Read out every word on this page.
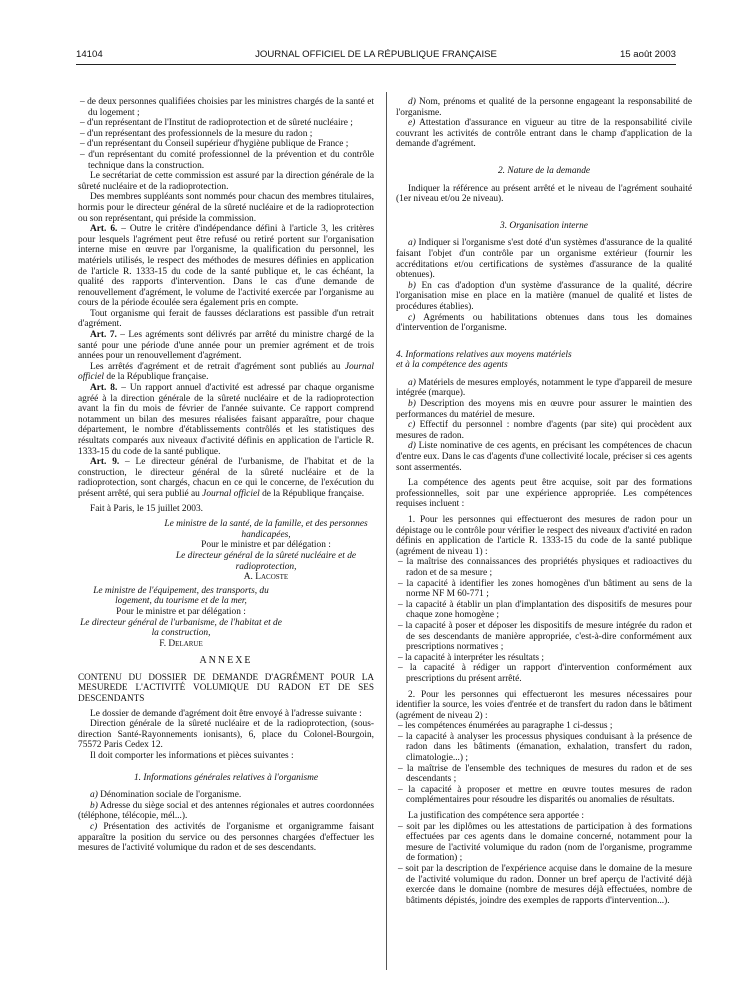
14104	JOURNAL OFFICIEL DE LA RÉPUBLIQUE FRANÇAISE	15 août 2003

– de deux personnes qualifiées choisies par les ministres chargés de la santé et du logement ;

– d'un représentant de l'Institut de radioprotection et de sûreté nucléaire ;

– d'un représentant des professionnels de la mesure du radon ;

– d'un représentant du Conseil supérieur d'hygiène publique de France ;

– d'un représentant du comité professionnel de la prévention et du contrôle technique dans la construction.

Le secrétariat de cette commission est assuré par la direction générale de la sûreté nucléaire et de la radioprotection.

Des membres suppléants sont nommés pour chacun des membres titulaires, hormis pour le directeur général de la sûreté nucléaire et de la radioprotection ou son représentant, qui préside la commission.

Art. 6. – Outre le critère d'indépendance défini à l'article 3, les critères pour lesquels l'agrément peut être refusé ou retiré portent sur l'organisation interne mise en œuvre par l'organisme, la qualification du personnel, les matériels utilisés, le respect des méthodes de mesures définies en application de l'article R. 1333-15 du code de la santé publique et, le cas échéant, la qualité des rapports d'intervention. Dans le cas d'une demande de renouvellement d'agrément, le volume de l'activité exercée par l'organisme au cours de la période écoulée sera également pris en compte.

Tout organisme qui ferait de fausses déclarations est passible d'un retrait d'agrément.

Art. 7. – Les agréments sont délivrés par arrêté du ministre chargé de la santé pour une période d'une année pour un premier agrément et de trois années pour un renouvellement d'agrément.

Les arrêtés d'agrément et de retrait d'agrément sont publiés au Journal officiel de la République française.

Art. 8. – Un rapport annuel d'activité est adressé par chaque organisme agréé à la direction générale de la sûreté nucléaire et de la radioprotection avant la fin du mois de février de l'année suivante. Ce rapport comprend notamment un bilan des mesures réalisées faisant apparaître, pour chaque département, le nombre d'établissements contrôlés et les statistiques des résultats comparés aux niveaux d'activité définis en application de l'article R. 1333-15 du code de la santé publique.

Art. 9. – Le directeur général de l'urbanisme, de l'habitat et de la construction, le directeur général de la sûreté nucléaire et de la radioprotection, sont chargés, chacun en ce qui le concerne, de l'exécution du présent arrêté, qui sera publié au Journal officiel de la République française.

Fait à Paris, le 15 juillet 2003.

Le ministre de la santé, de la famille, et des personnes handicapées,

Pour le ministre et par délégation :

Le directeur général de la sûreté nucléaire et de radioprotection,

A. Lacoste

Le ministre de l'équipement, des transports, du logement, du tourisme et de la mer,

Pour le ministre et par délégation :

Le directeur général de l'urbanisme, de l'habitat et de la construction,

F. Delarue

ANNEXE

CONTENU DU DOSSIER DE DEMANDE D'AGRÉMENT POUR LA MESUREDE L'ACTIVITÉ VOLUMIQUE DU RADON ET DE SES DESCENDANTS

Le dossier de demande d'agrément doit être envoyé à l'adresse suivante :

Direction générale de la sûreté nucléaire et de la radioprotection, (sous-direction Santé-Rayonnements ionisants), 6, place du Colonel-Bourgoin, 75572 Paris Cedex 12.

Il doit comporter les informations et pièces suivantes :

1. Informations générales relatives à l'organisme

a) Dénomination sociale de l'organisme.

b) Adresse du siège social et des antennes régionales et autres coordonnées (téléphone, télécopie, mél...).

c) Présentation des activités de l'organisme et organigramme faisant apparaître la position du service ou des personnes chargées d'effectuer les mesures de l'activité volumique du radon et de ses descendants.

d) Nom, prénoms et qualité de la personne engageant la responsabilité de l'organisme.

e) Attestation d'assurance en vigueur au titre de la responsabilité civile couvrant les activités de contrôle entrant dans le champ d'application de la demande d'agrément.

2. Nature de la demande

Indiquer la référence au présent arrêté et le niveau de l'agrément souhaité (1er niveau et/ou 2e niveau).

3. Organisation interne

a) Indiquer si l'organisme s'est doté d'un systèmes d'assurance de la qualité faisant l'objet d'un contrôle par un organisme extérieur (fournir les accréditations et/ou certifications de systèmes d'assurance de la qualité obtenues).

b) En cas d'adoption d'un système d'assurance de la qualité, décrire l'organisation mise en place en la matière (manuel de qualité et listes de procédures établies).

c) Agréments ou habilitations obtenues dans tous les domaines d'intervention de l'organisme.

4. Informations relatives aux moyens matériels

et à la compétence des agents

a) Matériels de mesures employés, notamment le type d'appareil de mesure intégrée (marque).

b) Description des moyens mis en œuvre pour assurer le maintien des performances du matériel de mesure.

c) Effectif du personnel : nombre d'agents (par site) qui procèdent aux mesures de radon.

d) Liste nominative de ces agents, en précisant les compétences de chacun d'entre eux. Dans le cas d'agents d'une collectivité locale, préciser si ces agents sont assermentés.

La compétence des agents peut être acquise, soit par des formations professionnelles, soit par une expérience appropriée. Les compétences requises incluent :

1. Pour les personnes qui effectueront des mesures de radon pour un dépistage ou le contrôle pour vérifier le respect des niveaux d'activité en radon définis en application de l'article R. 1333-15 du code de la santé publique (agrément de niveau 1) :

– la maîtrise des connaissances des propriétés physiques et radioactives du radon et de sa mesure ;

– la capacité à identifier les zones homogènes d'un bâtiment au sens de la norme NF M 60-771 ;

– la capacité à établir un plan d'implantation des dispositifs de mesures pour chaque zone homogène ;

– la capacité à poser et déposer les dispositifs de mesure intégrée du radon et de ses descendants de manière appropriée, c'est-à-dire conformément aux prescriptions normatives ;

– la capacité à interpréter les résultats ;

– la capacité à rédiger un rapport d'intervention conformément aux prescriptions du présent arrêté.

2. Pour les personnes qui effectueront les mesures nécessaires pour identifier la source, les voies d'entrée et de transfert du radon dans le bâtiment (agrément de niveau 2) :

– les compétences énumérées au paragraphe 1 ci-dessus ;

– la capacité à analyser les processus physiques conduisant à la présence de radon dans les bâtiments (émanation, exhalation, transfert du radon, climatologie...) ;

– la maîtrise de l'ensemble des techniques de mesures du radon et de ses descendants ;

– la capacité à proposer et mettre en œuvre toutes mesures de radon complémentaires pour résoudre les disparités ou anomalies de résultats.

La justification des compétence sera apportée :

– soit par les diplômes ou les attestations de participation à des formations effectuées par ces agents dans le domaine concerné, notamment pour la mesure de l'activité volumique du radon (nom de l'organisme, programme de formation) ;

– soit par la description de l'expérience acquise dans le domaine de la mesure de l'activité volumique du radon. Donner un bref aperçu de l'activité déjà exercée dans le domaine (nombre de mesures déjà effectuées, nombre de bâtiments dépistés, joindre des exemples de rapports d'intervention...).
